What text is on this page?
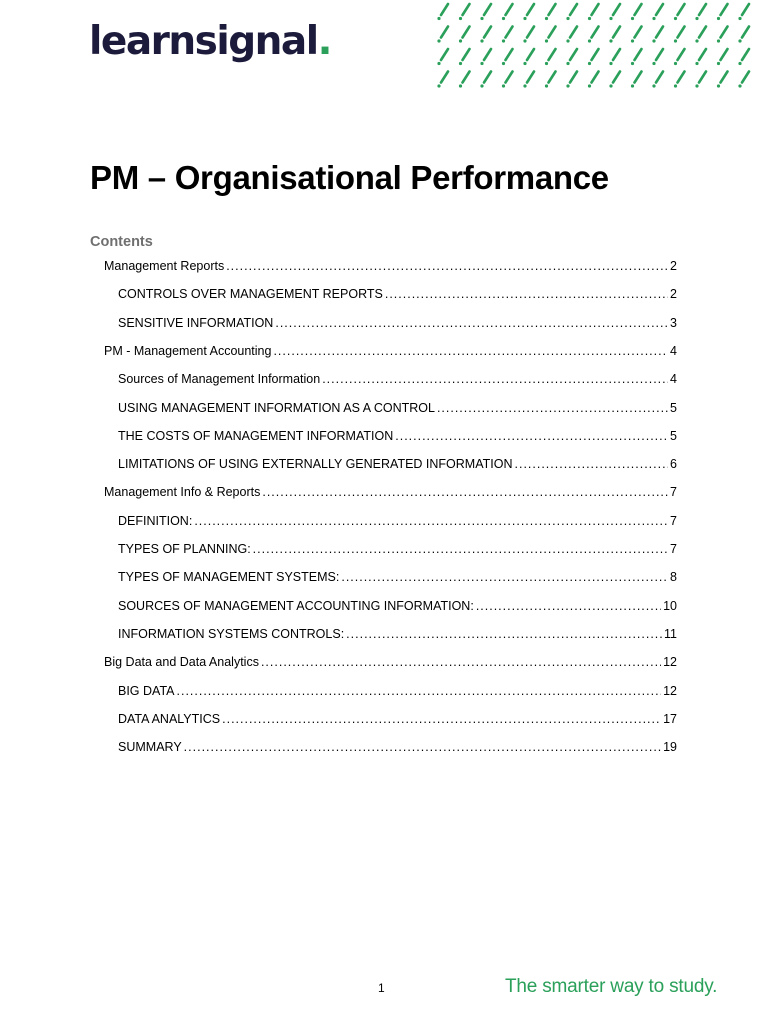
learnsignal.
PM – Organisational Performance
Contents
Management Reports .....	2
CONTROLS OVER MANAGEMENT REPORTS .....	2
SENSITIVE INFORMATION .....	3
PM - Management Accounting .....	4
Sources of Management Information .....	4
USING MANAGEMENT INFORMATION AS A CONTROL .....	5
THE COSTS OF MANAGEMENT INFORMATION .....	5
LIMITATIONS OF USING EXTERNALLY GENERATED INFORMATION .....	6
Management Info & Reports .....	7
DEFINITION: .....	7
TYPES OF PLANNING: .....	7
TYPES OF MANAGEMENT SYSTEMS: .....	8
SOURCES OF MANAGEMENT ACCOUNTING INFORMATION: .....	10
INFORMATION SYSTEMS CONTROLS: .....	11
Big Data and Data Analytics .....	12
BIG DATA .....	12
DATA ANALYTICS .....	17
SUMMARY .....	19
1	The smarter way to study.
